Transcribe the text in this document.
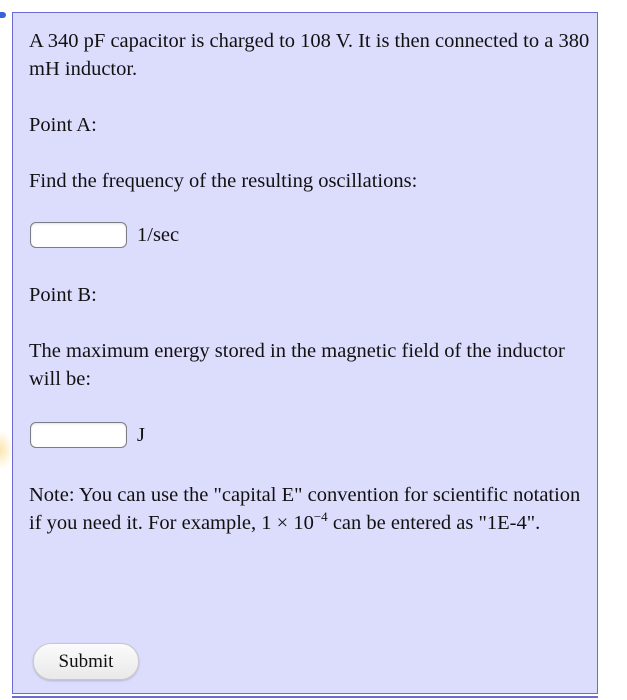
A 340 pF capacitor is charged to 108 V. It is then connected to a 380 mH inductor.

Point A:

Find the frequency of the resulting oscillations:

1/sec

Point B:

The maximum energy stored in the magnetic field of the inductor will be:

J

Note: You can use the "capital E" convention for scientific notation if you need it. For example, $1 \times 10^{-4}$ can be entered as "1E-4".

Submit
